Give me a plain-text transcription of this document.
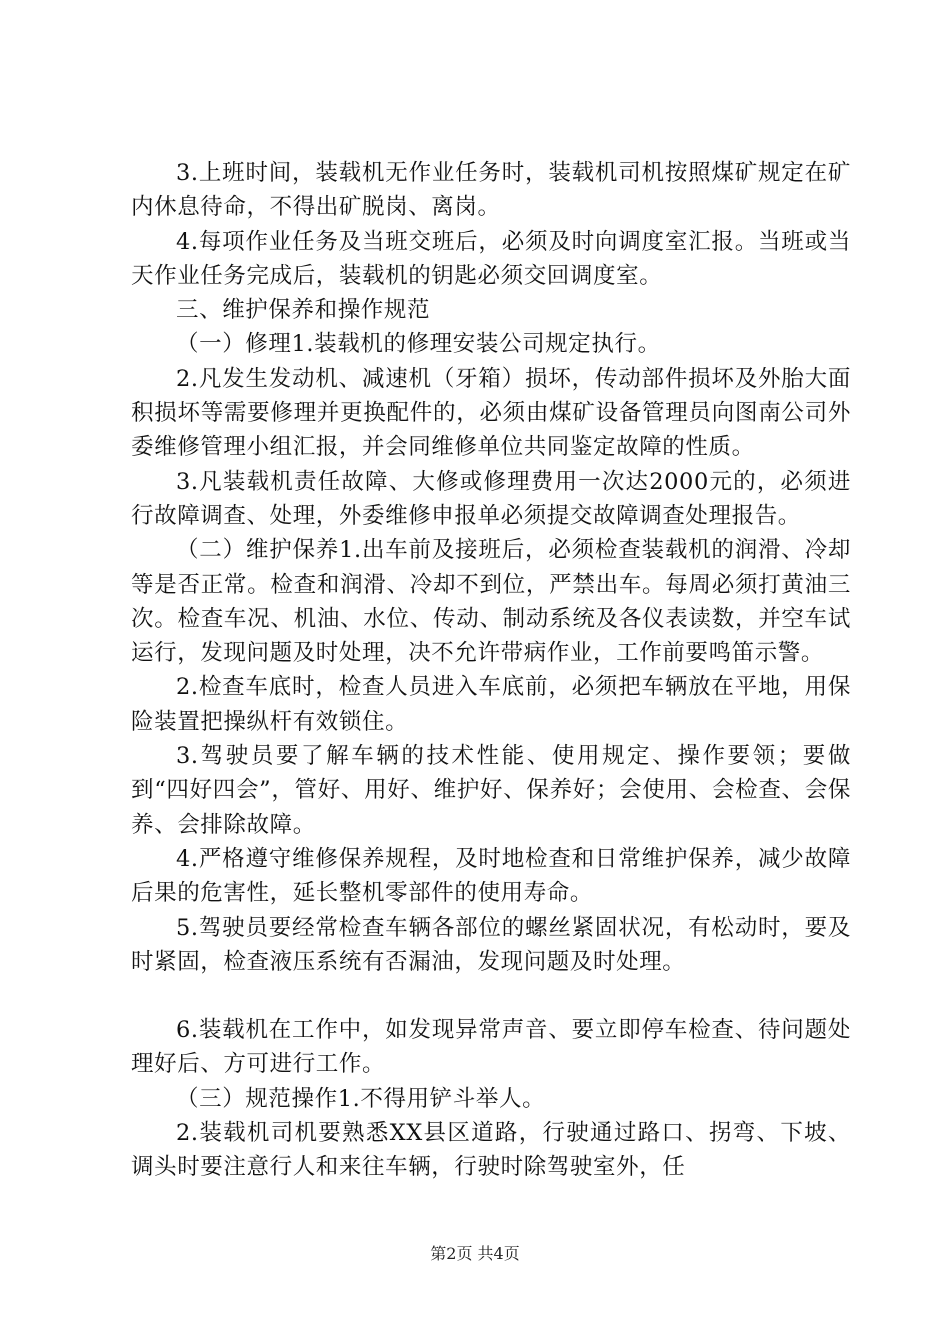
3.上班时间，装载机无作业任务时，装载机司机按照煤矿规定在矿内休息待命，不得出矿脱岗、离岗。

4.每项作业任务及当班交班后，必须及时向调度室汇报。当班或当天作业任务完成后，装载机的钥匙必须交回调度室。

三、维护保养和操作规范

（一）修理1.装载机的修理安装公司规定执行。

2.凡发生发动机、减速机（牙箱）损坏，传动部件损坏及外胎大面积损坏等需要修理并更换配件的，必须由煤矿设备管理员向图南公司外委维修管理小组汇报，并会同维修单位共同鉴定故障的性质。

3.凡装载机责任故障、大修或修理费用一次达2000元的，必须进行故障调查、处理，外委维修申报单必须提交故障调查处理报告。

（二）维护保养1.出车前及接班后，必须检查装载机的润滑、冷却等是否正常。检查和润滑、冷却不到位，严禁出车。每周必须打黄油三次。检查车况、机油、水位、传动、制动系统及各仪表读数，并空车试运行，发现问题及时处理，决不允许带病作业，工作前要鸣笛示警。

2.检查车底时，检查人员进入车底前，必须把车辆放在平地，用保险装置把操纵杆有效锁住。

3.驾驶员要了解车辆的技术性能、使用规定、操作要领；要做到“四好四会”，管好、用好、维护好、保养好；会使用、会检查、会保养、会排除故障。

4.严格遵守维修保养规程，及时地检查和日常维护保养，减少故障后果的危害性，延长整机零部件的使用寿命。

5.驾驶员要经常检查车辆各部位的螺丝紧固状况，有松动时，要及时紧固，检查液压系统有否漏油，发现问题及时处理。

6.装载机在工作中，如发现异常声音、要立即停车检查、待问题处理好后、方可进行工作。

（三）规范操作1.不得用铲斗举人。

2.装载机司机要熟悉XX县区道路，行驶通过路口、拐弯、下坡、调头时要注意行人和来往车辆，行驶时除驾驶室外，任

第2页 共4页
